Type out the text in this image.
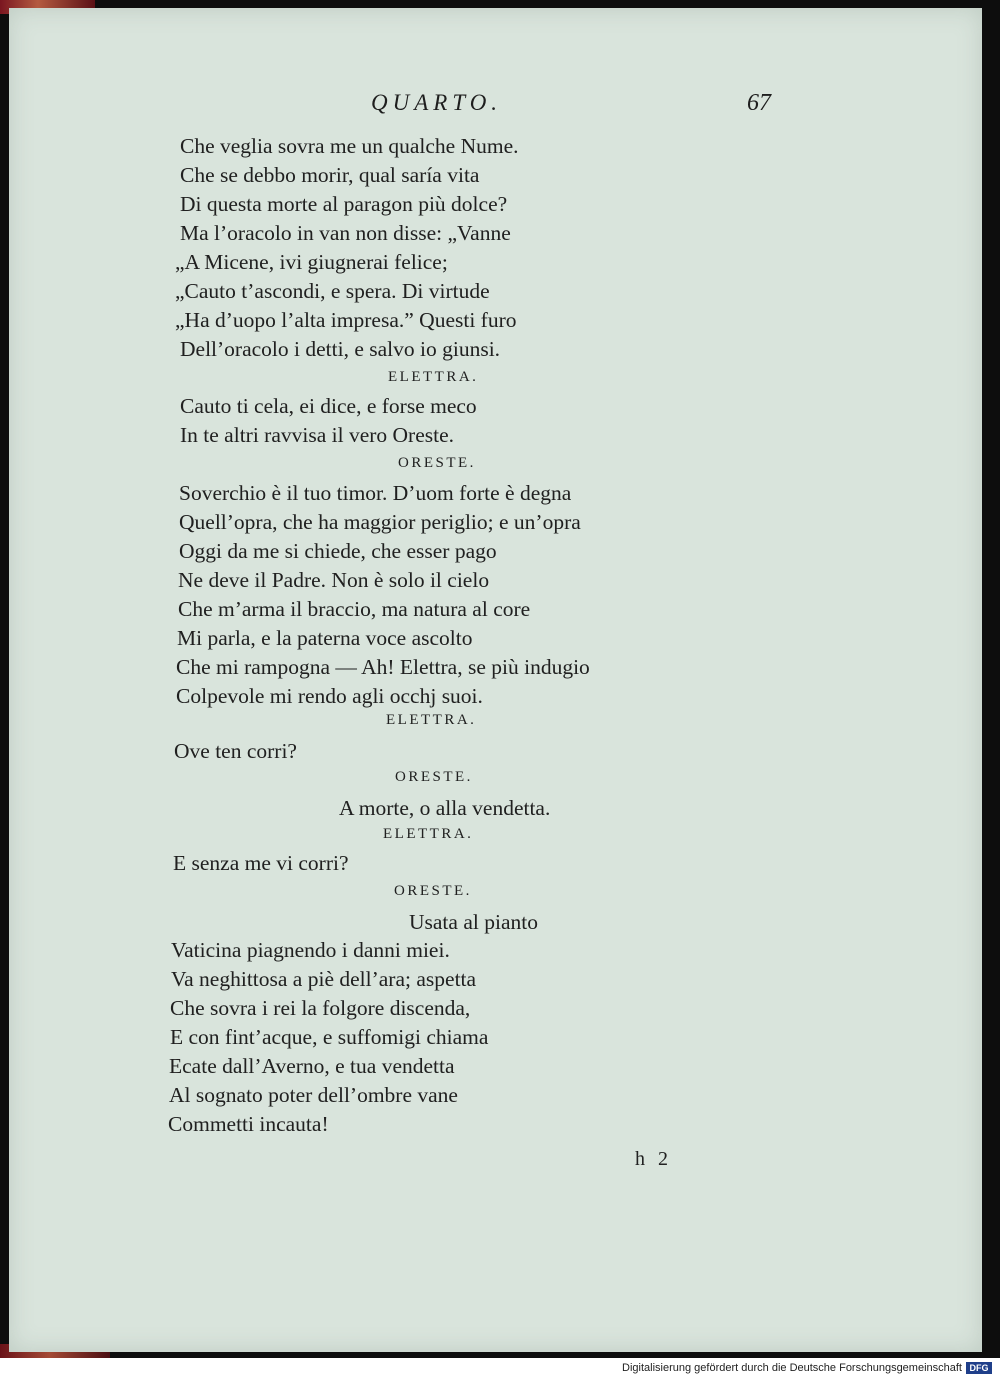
QUARTO.	67
Che veglia sovra me un qualche Nume.
Che se debbo morir, qual saría vita
Di questa morte al paragon più dolce?
Ma l’oracolo in van non disse: „Vanne
„A Micene, ivi giugnerai felice;
„Cauto t’ascondi, e spera. Di virtude
„Ha d’uopo l’alta impresa.” Questi furo
Dell’oracolo i detti, e salvo io giunsi.
ELETTRA.
Cauto ti cela, ei dice, e forse meco
In te altri ravvisa il vero Oreste.
ORESTE.
Soverchio è il tuo timor. D’uom forte è degna
Quell’opra, che ha maggior periglio; e un’opra
Oggi da me si chiede, che esser pago
Ne deve il Padre. Non è solo il cielo
Che m’arma il braccio, ma natura al core
Mi parla, e la paterna voce ascolto
Che mi rampogna — Ah! Elettra, se più indugio
Colpevole mi rendo agli occhj suoi.
ELETTRA.
Ove ten corri?
ORESTE.
A morte, o alla vendetta.
ELETTRA.
E senza me vi corri?
ORESTE.
Usata al pianto
Vaticina piagnendo i danni miei.
Va neghittosa a piè dell’ara; aspetta
Che sovra i rei la folgore discenda,
E con fint’acque, e suffomigi chiama
Ecate dall’Averno, e tua vendetta
Al sognato poter dell’ombre vane
Commetti incauta!
h 2
Digitalisierung gefördert durch die Deutsche Forschungsgemeinschaft DFG
